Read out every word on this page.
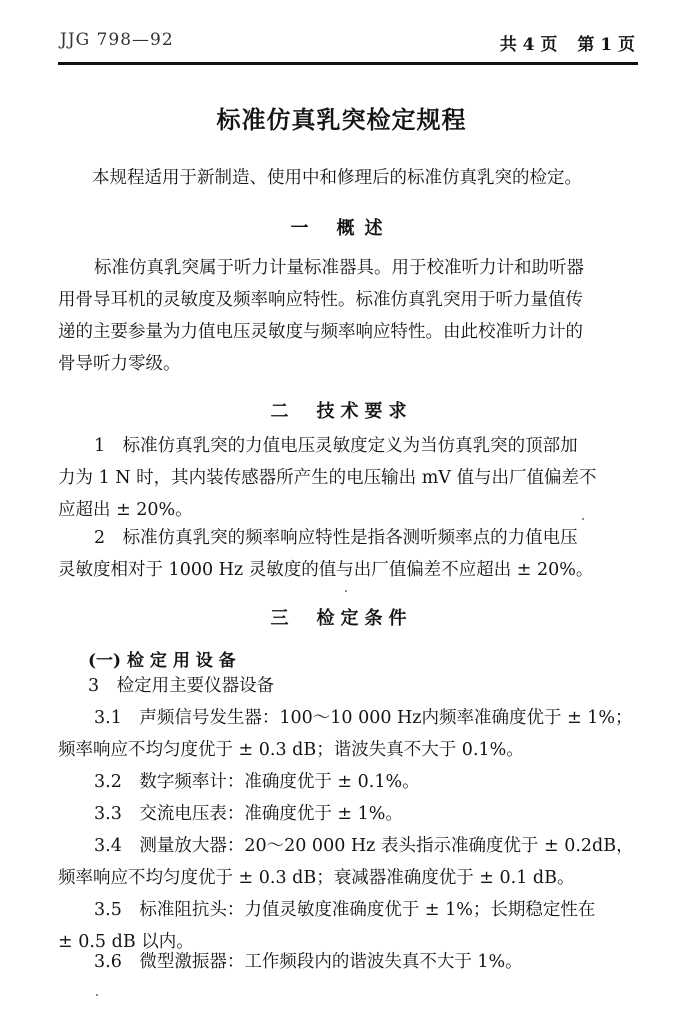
JJG 798—92	共 4 页 第 1 页
标准仿真乳突检定规程
本规程适用于新制造、使用中和修理后的标准仿真乳突的检定。
一 概述
标准仿真乳突属于听力计量标准器具。用于校准听力计和助听器
用骨导耳机的灵敏度及频率响应特性。标准仿真乳突用于听力量值传
递的主要参量为力值电压灵敏度与频率响应特性。由此校准听力计的
骨导听力零级。
二 技术要求
1　标准仿真乳突的力值电压灵敏度定义为当仿真乳突的顶部加
力为 1 N 时，其内装传感器所产生的电压输出 mV 值与出厂值偏差不
应超出 ± 20%。
2　标准仿真乳突的频率响应特性是指各测听频率点的力值电压
灵敏度相对于 1000 Hz 灵敏度的值与出厂值偏差不应超出 ± 20%。
三 检定条件
(一) 检 定 用 设 备
3　检定用主要仪器设备
3.1　声频信号发生器：100～10 000 Hz内频率准确度优于 ± 1%；
频率响应不均匀度优于 ± 0.3 dB；谐波失真不大于 0.1%。
3.2　数字频率计：准确度优于 ± 0.1%。
3.3　交流电压表：准确度优于 ± 1%。
3.4　测量放大器：20～20 000 Hz 表头指示准确度优于 ± 0.2dB，
频率响应不均匀度优于 ± 0.3 dB；衰减器准确度优于 ± 0.1 dB。
3.5　标准阻抗头：力值灵敏度准确度优于 ± 1%；长期稳定性在
± 0.5 dB 以内。
3.6　微型激振器：工作频段内的谐波失真不大于 1%。
